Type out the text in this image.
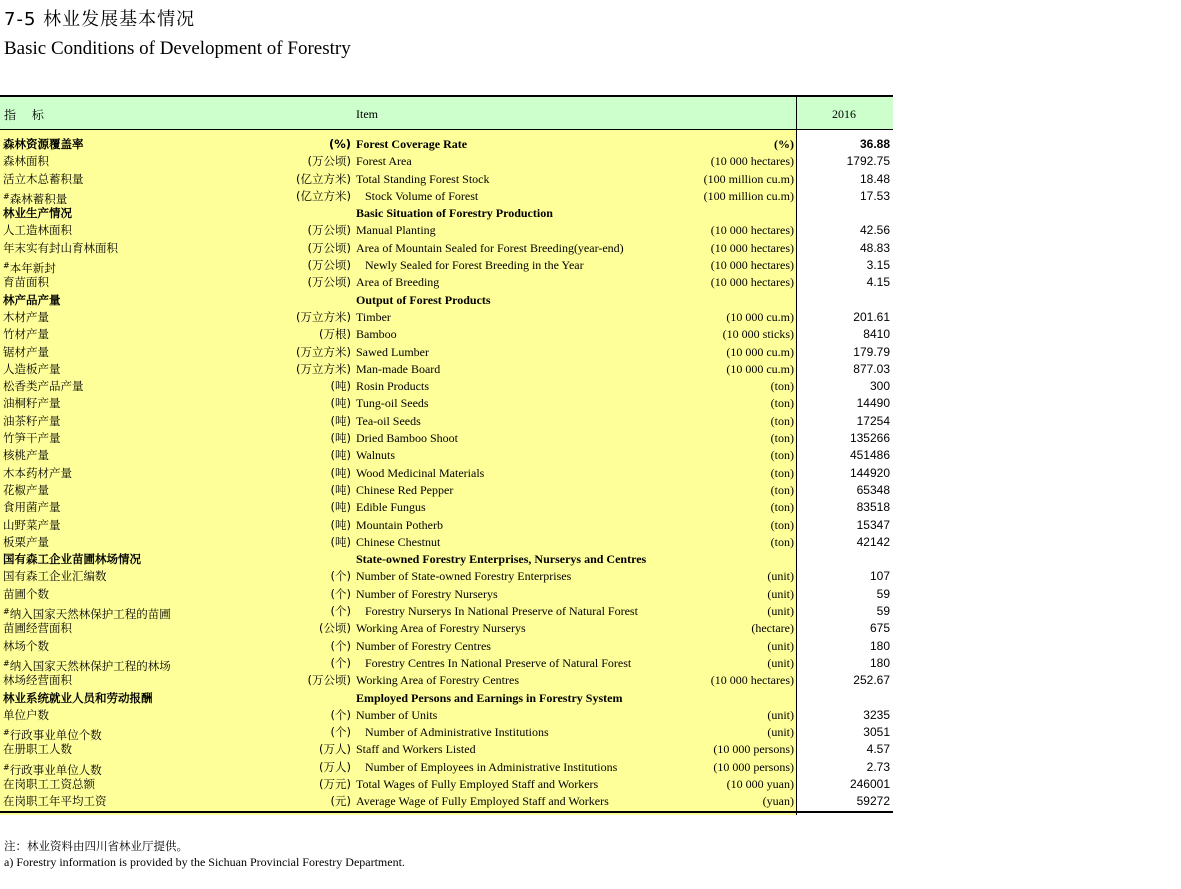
7-5 林业发展基本情况
Basic Conditions of Development of Forestry
指 标	Item	2016
森林资源覆盖率	(%) Forest Coverage Rate	(%)	36.88
森林面积	(万公顷) Forest Area	(10 000 hectares)	1792.75
活立木总蓄积量	(亿立方米) Total Standing Forest Stock	(100 million cu.m)	18.48
#森林蓄积量	(亿立方米) Stock Volume of Forest	(100 million cu.m)	17.53
林业生产情况	Basic Situation of Forestry Production
人工造林面积	(万公顷) Manual Planting	(10 000 hectares)	42.56
年末实有封山育林面积	(万公顷) Area of Mountain Sealed for Forest Breeding(year-end)	(10 000 hectares)	48.83
#本年新封	(万公顷) Newly Sealed for Forest Breeding in the Year	(10 000 hectares)	3.15
育苗面积	(万公顷) Area of Breeding	(10 000 hectares)	4.15
林产品产量	Output of Forest Products
木材产量	(万立方米) Timber	(10 000 cu.m)	201.61
竹材产量	(万根) Bamboo	(10 000 sticks)	8410
锯材产量	(万立方米) Sawed Lumber	(10 000 cu.m)	179.79
人造板产量	(万立方米) Man-made Board	(10 000 cu.m)	877.03
松香类产品产量	(吨) Rosin Products	(ton)	300
油桐籽产量	(吨) Tung-oil Seeds	(ton)	14490
油茶籽产量	(吨) Tea-oil Seeds	(ton)	17254
竹笋干产量	(吨) Dried Bamboo Shoot	(ton)	135266
核桃产量	(吨) Walnuts	(ton)	451486
木本药材产量	(吨) Wood Medicinal Materials	(ton)	144920
花椒产量	(吨) Chinese Red Pepper	(ton)	65348
食用菌产量	(吨) Edible Fungus	(ton)	83518
山野菜产量	(吨) Mountain Potherb	(ton)	15347
板栗产量	(吨) Chinese Chestnut	(ton)	42142
国有森工企业苗圃林场情况	State-owned Forestry Enterprises, Nurserys and Centres
国有森工企业汇编数	(个) Number of State-owned Forestry Enterprises	(unit)	107
苗圃个数	(个) Number of Forestry Nurserys	(unit)	59
#纳入国家天然林保护工程的苗圃	(个) Forestry Nurserys In National Preserve of Natural Forest	(unit)	59
苗圃经营面积	(公顷) Working Area of Forestry Nurserys	(hectare)	675
林场个数	(个) Number of Forestry Centres	(unit)	180
#纳入国家天然林保护工程的林场	(个) Forestry Centres In National Preserve of Natural Forest	(unit)	180
林场经营面积	(万公顷) Working Area of Forestry Centres	(10 000 hectares)	252.67
林业系统就业人员和劳动报酬	Employed Persons and Earnings in Forestry System
单位户数	(个) Number of Units	(unit)	3235
#行政事业单位个数	(个) Number of Administrative Institutions	(unit)	3051
在册职工人数	(万人) Staff and Workers Listed	(10 000 persons)	4.57
#行政事业单位人数	(万人) Number of Employees in Administrative Institutions	(10 000 persons)	2.73
在岗职工工资总额	(万元) Total Wages of Fully Employed Staff and Workers	(10 000 yuan)	246001
在岗职工年平均工资	(元) Average Wage of Fully Employed Staff and Workers	(yuan)	59272
注：林业资料由四川省林业厅提供。
a) Forestry information is provided by the Sichuan Provincial Forestry Department.
